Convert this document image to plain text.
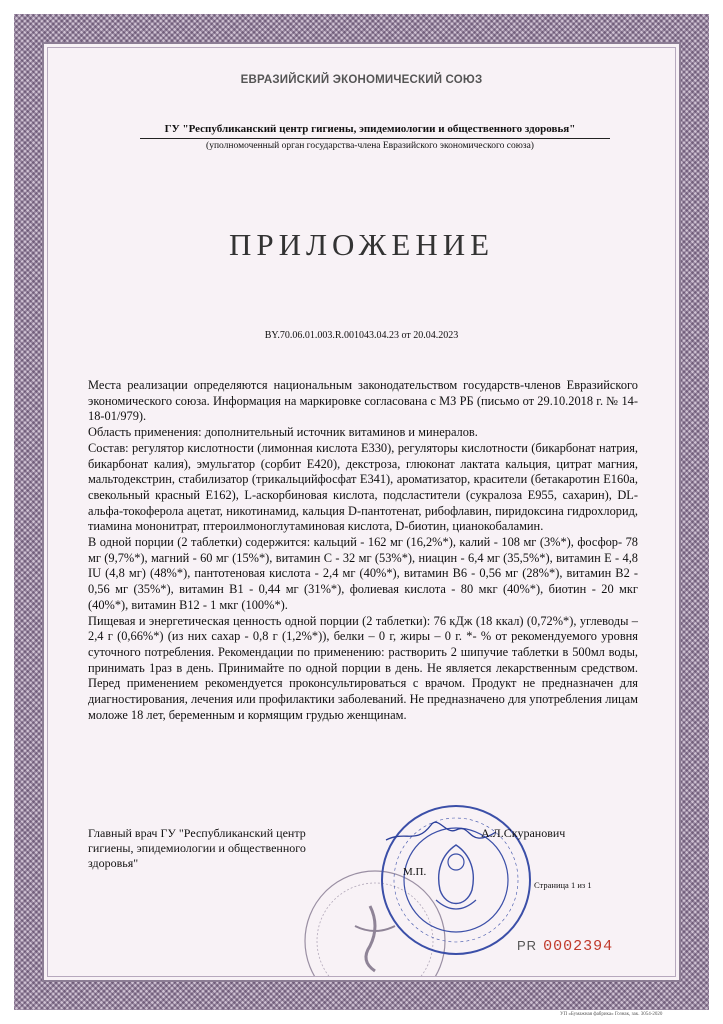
ЕВРАЗИЙСКИЙ ЭКОНОМИЧЕСКИЙ СОЮЗ
ГУ "Республиканский центр гигиены, эпидемиологии и общественного здоровья"
(уполномоченный орган государства-члена Евразийского экономического союза)
ПРИЛОЖЕНИЕ
BY.70.06.01.003.R.001043.04.23 от 20.04.2023

Места реализации определяются национальным законодательством государств-членов Евразийского экономического союза. Информация на маркировке согласована с МЗ РБ (письмо от 29.10.2018 г. № 14-18-01/979).

Область применения: дополнительный источник витаминов и минералов.

Состав: регулятор кислотности (лимонная кислота Е330), регуляторы кислотности (бикарбонат натрия, бикарбонат калия), эмульгатор (сорбит Е420), декстроза, глюконат лактата кальция, цитрат магния, мальтодекстрин, стабилизатор (трикальцийфосфат Е341), ароматизатор, красители (бетакаротин Е160а, свекольный красный Е162), L-аскорбиновая кислота, подсластители (сукралоза Е955, сахарин), DL-альфа-токоферола ацетат, никотинамид, кальция D-пантотенат, рибофлавин, пиридоксина гидрохлорид, тиамина мононитрат, птероилмоноглутаминовая кислота, D-биотин, цианокобаламин.

В одной порции (2 таблетки) содержится: кальций - 162 мг (16,2%*), калий - 108 мг (3%*), фосфор- 78 мг (9,7%*), магний - 60 мг (15%*), витамин С - 32 мг (53%*), ниацин - 6,4 мг (35,5%*), витамин Е - 4,8 IU (4,8 мг) (48%*), пантотеновая кислота - 2,4 мг (40%*), витамин В6 - 0,56 мг (28%*), витамин В2 - 0,56 мг (35%*), витамин В1 - 0,44 мг (31%*), фолиевая кислота - 80 мкг (40%*), биотин - 20 мкг (40%*), витамин В12 - 1 мкг (100%*).

Пищевая и энергетическая ценность одной порции (2 таблетки): 76 кДж (18 ккал) (0,72%*), углеводы – 2,4 г (0,66%*) (из них сахар - 0,8 г (1,2%*)), белки – 0 г, жиры – 0 г. *- % от рекомендуемого уровня суточного потребления. Рекомендации по применению: растворить 2 шипучие таблетки в 500мл воды, принимать 1раз в день. Принимайте по одной порции в день. Не является лекарственным средством. Перед применением рекомендуется проконсультироваться с врачом. Продукт не предназначен для диагностирования, лечения или профилактики заболеваний. Не предназначено для употребления лицам моложе 18 лет, беременным и кормящим грудью женщинам.

Главный врач ГУ "Республиканский центр гигиены, эпидемиологии и общественного здоровья"
А.Л.Скуранович
М.П.
Страница 1 из 1
PR 0002394
УП «Бумажная фабрика» Гознак, зак. 3054-2020
